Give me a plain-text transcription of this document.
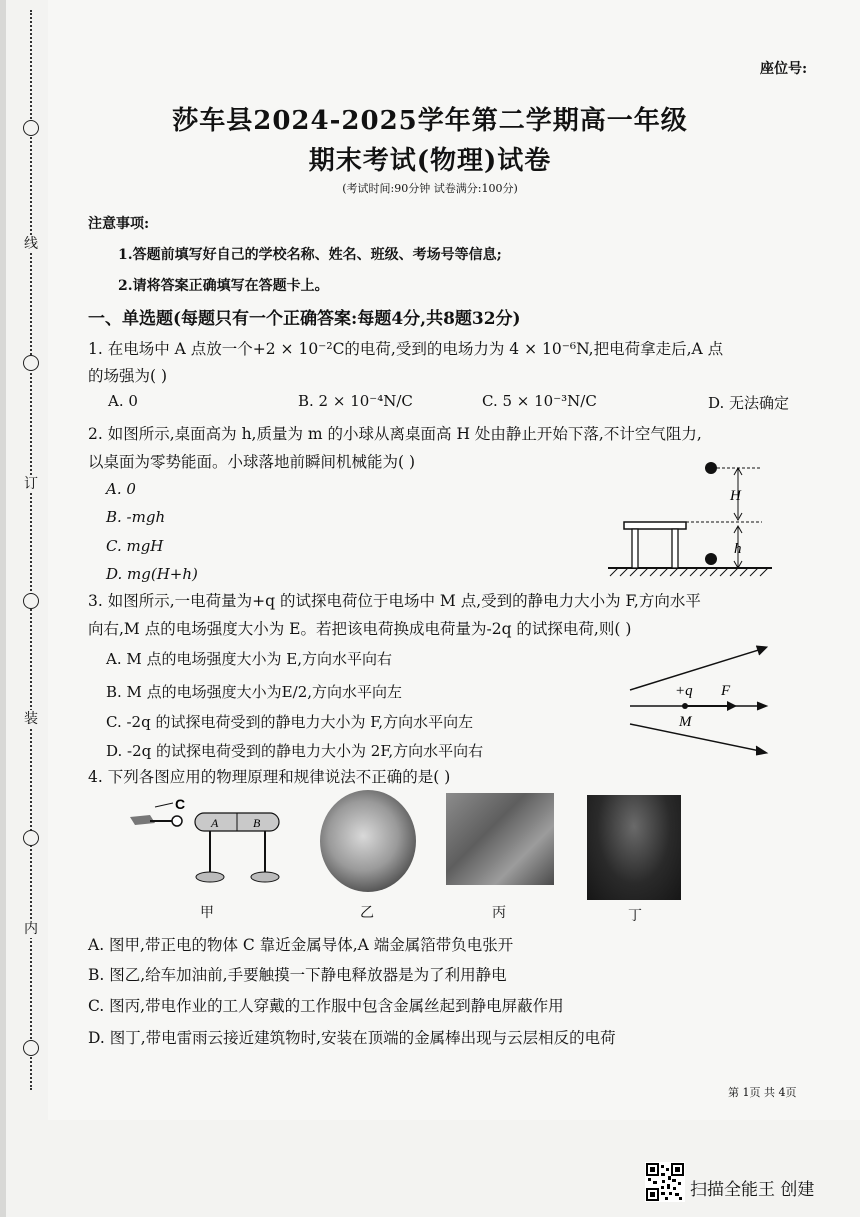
线
订
装
内
座位号:
莎车县2024-2025学年第二学期高一年级
期末考试(物理)试卷
(考试时间:90分钟 试卷满分:100分)
注意事项:
1.答题前填写好自己的学校名称、姓名、班级、考场号等信息;
2.请将答案正确填写在答题卡上。
一、单选题(每题只有一个正确答案:每题4分,共8题32分)
1. 在电场中 A 点放一个+2 × 10⁻²C的电荷,受到的电场力为 4 × 10⁻⁶N,把电荷拿走后,A 点
的场强为( )
A. 0	B. 2 × 10⁻⁴N/C	C. 5 × 10⁻³N/C	D. 无法确定
2. 如图所示,桌面高为 h,质量为 m 的小球从离桌面高 H 处由静止开始下落,不计空气阻力,
以桌面为零势能面。小球落地前瞬间机械能为( )
A. 0
B. -mgh
C. mgH
D. mg(H+h)
H
h
3. 如图所示,一电荷量为+q 的试探电荷位于电场中 M 点,受到的静电力大小为 F,方向水平
向右,M 点的电场强度大小为 E。若把该电荷换成电荷量为-2q 的试探电荷,则( )
A. M 点的电场强度大小为 E,方向水平向右
B. M 点的电场强度大小为E/2,方向水平向左
C. -2q 的试探电荷受到的静电力大小为 F,方向水平向左
D. -2q 的试探电荷受到的静电力大小为 2F,方向水平向右
+q F
M
4. 下列各图应用的物理原理和规律说法不正确的是( )
C
A	B
甲	乙	丙	丁
A. 图甲,带正电的物体 C 靠近金属导体,A 端金属箔带负电张开
B. 图乙,给车加油前,手要触摸一下静电释放器是为了利用静电
C. 图丙,带电作业的工人穿戴的工作服中包含金属丝起到静电屏蔽作用
D. 图丁,带电雷雨云接近建筑物时,安装在顶端的金属棒出现与云层相反的电荷
第 1页 共 4页
扫描全能王 创建
